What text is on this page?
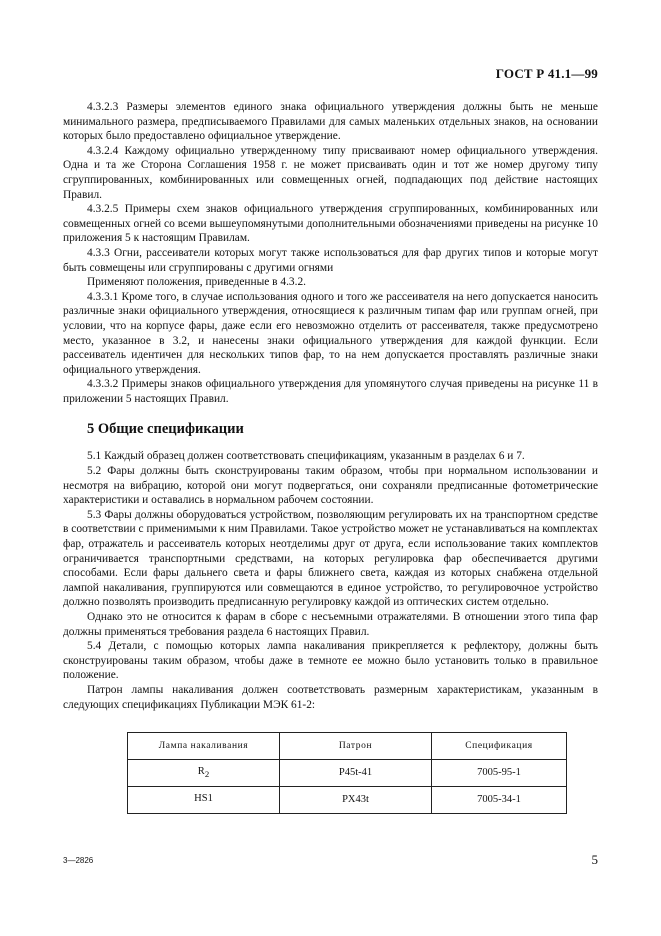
ГОСТ Р 41.1—99

4.3.2.3 Размеры элементов единого знака официального утверждения должны быть не меньше минимального размера, предписываемого Правилами для самых маленьких отдельных знаков, на основании которых было предоставлено официальное утверждение.

4.3.2.4 Каждому официально утвержденному типу присваивают номер официального утверждения. Одна и та же Сторона Соглашения 1958 г. не может присваивать один и тот же номер другому типу сгруппированных, комбинированных или совмещенных огней, подпадающих под действие настоящих Правил.

4.3.2.5 Примеры схем знаков официального утверждения сгруппированных, комбинированных или совмещенных огней со всеми вышеупомянутыми дополнительными обозначениями приведены на рисунке 10 приложения 5 к настоящим Правилам.

4.3.3 Огни, рассеиватели которых могут также использоваться для фар других типов и которые могут быть совмещены или сгруппированы с другими огнями

Применяют положения, приведенные в 4.3.2.

4.3.3.1 Кроме того, в случае использования одного и того же рассеивателя на него допускается наносить различные знаки официального утверждения, относящиеся к различным типам фар или группам огней, при условии, что на корпусе фары, даже если его невозможно отделить от рассеивателя, также предусмотрено место, указанное в 3.2, и нанесены знаки официального утверждения для каждой функции. Если рассеиватель идентичен для нескольких типов фар, то на нем допускается проставлять различные знаки официального утверждения.

4.3.3.2 Примеры знаков официального утверждения для упомянутого случая приведены на рисунке 11 в приложении 5 настоящих Правил.

5 Общие спецификации

5.1 Каждый образец должен соответствовать спецификациям, указанным в разделах 6 и 7.

5.2 Фары должны быть сконструированы таким образом, чтобы при нормальном использовании и несмотря на вибрацию, которой они могут подвергаться, они сохраняли предписанные фотометрические характеристики и оставались в нормальном рабочем состоянии.

5.3 Фары должны оборудоваться устройством, позволяющим регулировать их на транспортном средстве в соответствии с применимыми к ним Правилами. Такое устройство может не устанавливаться на комплектах фар, отражатель и рассеиватель которых неотделимы друг от друга, если использование таких комплектов ограничивается транспортными средствами, на которых регулировка фар обеспечивается другими способами. Если фары дальнего света и фары ближнего света, каждая из которых снабжена отдельной лампой накаливания, группируются или совмещаются в единое устройство, то регулировочное устройство должно позволять производить предписанную регулировку каждой из оптических систем отдельно.

Однако это не относится к фарам в сборе с несъемными отражателями. В отношении этого типа фар должны применяться требования раздела 6 настоящих Правил.

5.4 Детали, с помощью которых лампа накаливания прикрепляется к рефлектору, должны быть сконструированы таким образом, чтобы даже в темноте ее можно было установить только в правильное положение.

Патрон лампы накаливания должен соответствовать размерным характеристикам, указанным в следующих спецификациях Публикации МЭК 61-2:

Лампа накаливания	Патрон	Спецификация
$R_2$	P45t-41	7005-95-1
HS1	PX43t	7005-34-1
3—2826	5
